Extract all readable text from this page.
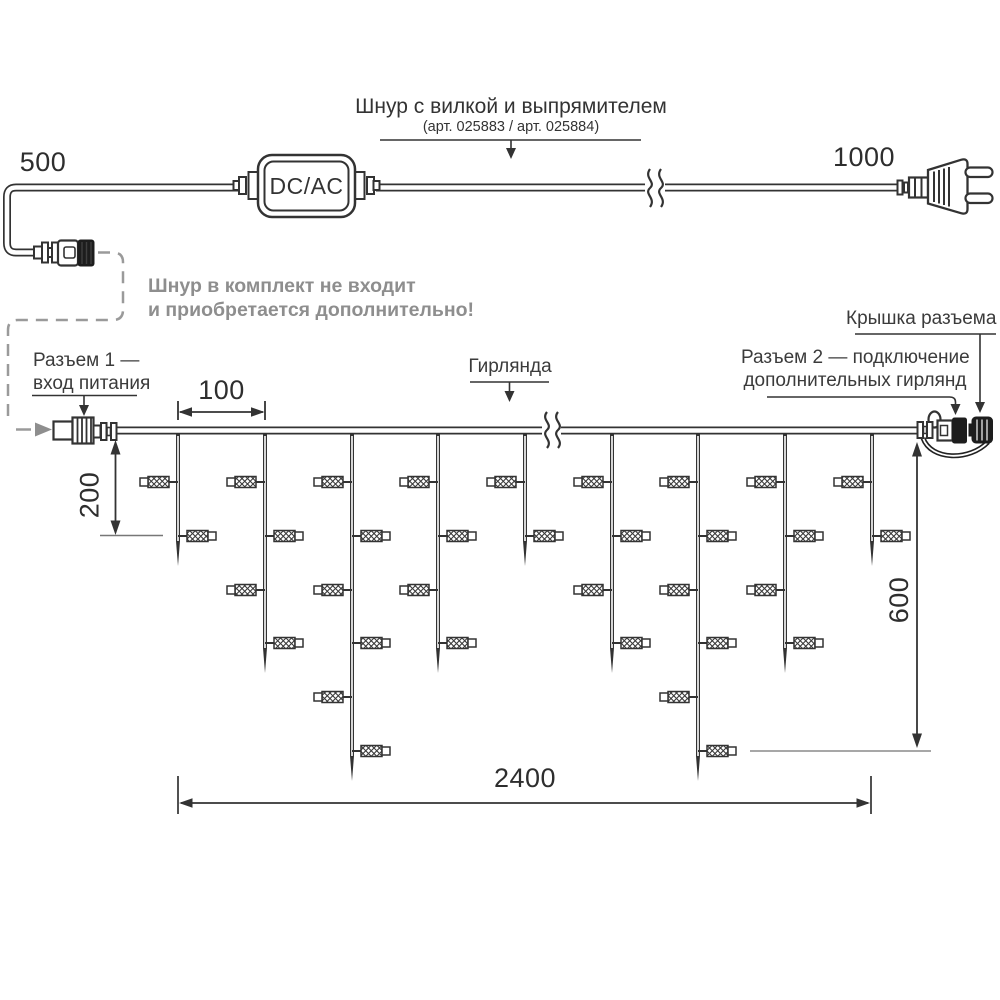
Шнур с вилкой и выпрямителем
(арт. 025883 / арт. 025884)
500	1000
DC/AC
Шнур в комплект не входит
и приобретается дополнительно!
Разъем 1 —
вход питания
Гирлянда	Разъем 2 — подключение
дополнительных гирлянд
Крышка разъема
100
200
600
2400
